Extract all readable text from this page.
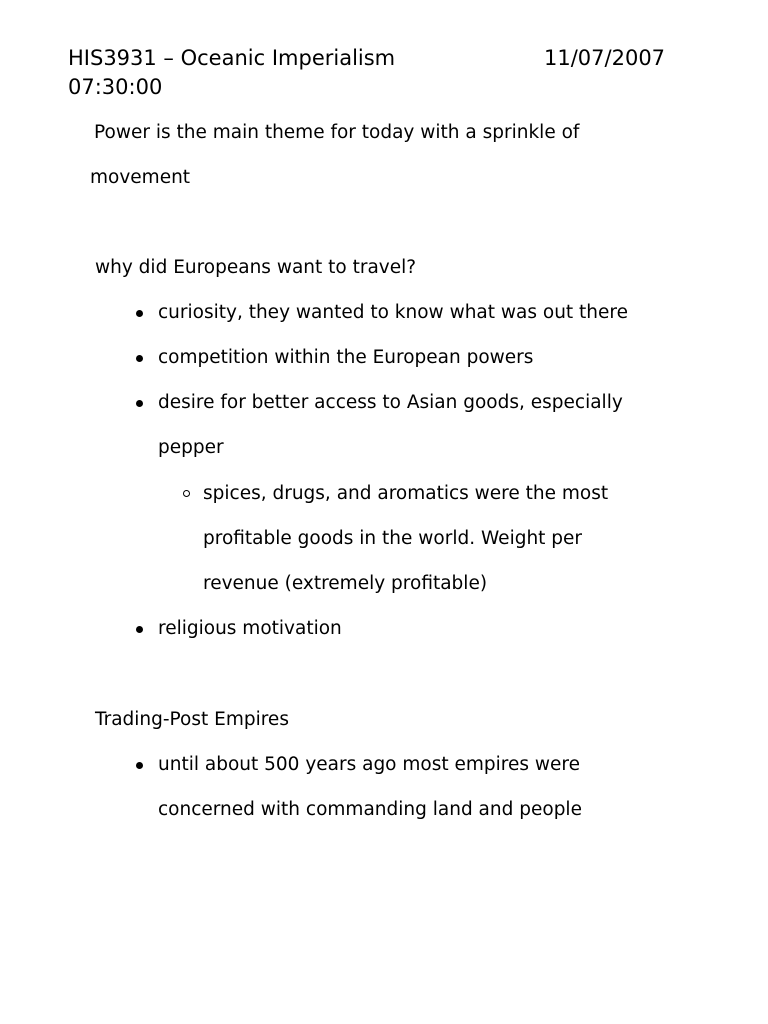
HIS3931 – Oceanic Imperialism	11/07/2007
07:30:00
Power is the main theme for today with a sprinkle of
movement
why did Europeans want to travel?
curiosity, they wanted to know what was out there
competition within the European powers
desire for better access to Asian goods, especially
pepper
spices, drugs, and aromatics were the most
profitable goods in the world. Weight per
revenue (extremely profitable)
religious motivation
Trading-Post Empires
until about 500 years ago most empires were
concerned with commanding land and people
